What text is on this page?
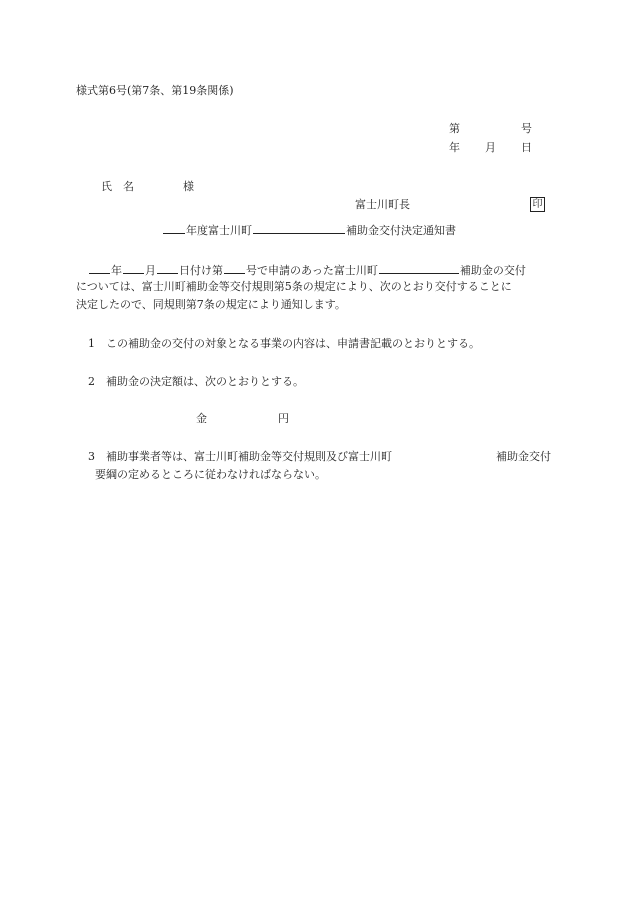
様式第6号(第7条、第19条関係)
第	号
年 月 日
氏　名	様
富士川町長	印
年度富士川町	補助金交付決定通知書
年 月 日付け第 号で申請のあった富士川町	補助金の交付
については、富士川町補助金等交付規則第5条の規定により、次のとおり交付することに
決定したので、同規則第7条の規定により通知します。
1　この補助金の交付の対象となる事業の内容は、申請書記載のとおりとする。
2　補助金の決定額は、次のとおりとする。
金	円
3　補助事業者等は、富士川町補助金等交付規則及び富士川町	補助金交付
要綱の定めるところに従わなければならない。
